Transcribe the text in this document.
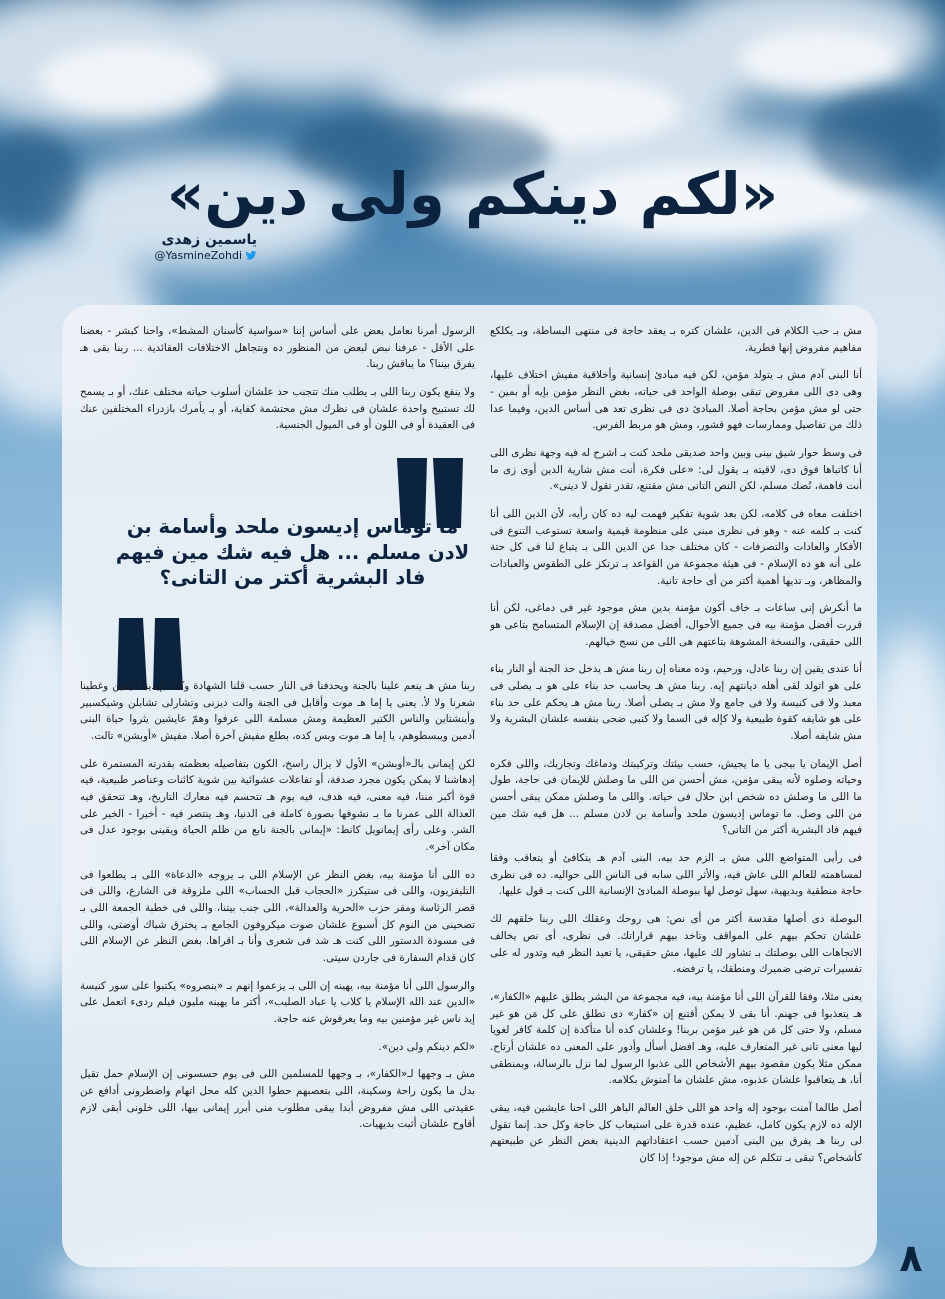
«لكم دينكم ولى دين»
ياسمين زهدى
@YasmineZohdi

مش بـ حب الكلام فى الدين، علشان كتره بـ يعقد حاجة فى منتهى البساطة، وبـ يكلكع مفاهيم مفروض إنها فطرية.

أنا البنى آدم مش بـ يتولد مؤمن، لكن فيه مبادئ إنسانية وأخلاقية مفيش اختلاف عليها، وهى دى اللى مفروض تبقى بوصلة الواحد فى حياته، بغض النظر مؤمن بإيه أو بمين - حتى لو مش مؤمن بحاجة أصلا. المبادئ دى فى نظرى تعد هى أساس الدين، وفيما عدا ذلك من تفاصيل وممارسات فهو قشور، ومش هو مربط الفرس.

فى وسط حوار شيق بينى وبين واحد صديقى ملحد كنت بـ اشرح له فيه وجهة نظرى اللى أنا كاتباها فوق دى، لاقيته بـ يقول لى: «على فكرة، أنت مش شارية الدين أوى زى ما أنت فاهمة، نُصك مسلم، لكن النص التانى مش مقتنع، تقدر تقول لا دينى».

اختلفت معاه فى كلامه، لكن بعد شوية تفكير فهمت ليه ده كان رأيه، لأن الدين اللى أنا كنت بـ كلمه عنه - وهو فى نظرى مبنى على منظومة قيمية واسعة تستوعب التنوع فى الأفكار والعادات والتصرفات - كان مختلف جدا عن الدين اللى بـ يتباع لنا فى كل حتة على أنه هو ده الإسلام - فى هيئة مجموعة من القواعد بـ ترتكز على الطقوس والعبادات والمظاهر، وبـ تديها أهمية أكتر من أى حاجة تانية.

ما أنكرش إنى ساعات بـ خاف أكون مؤمنة بدين مش موجود غير فى دماغى، لكن أنا قررت أفضل مؤمنة بيه فى جميع الأحوال، أفضل مصدقة إن الإسلام المتسامح بتاعى هو اللى حقيقى، والنسخة المشوهة بتاعتهم هى اللى من نسج خيالهم.

أنا عندى يقين إن ربنا عادل، ورحيم، وده معناه إن ربنا مش هـ يدخل حد الجنة أو النار بناء على هو اتولد لقى أهله ديانتهم إيه. ربنا مش هـ يحاسب حد بناء على هو بـ يصلى فى معبد ولا فى كنيسة ولا فى جامع ولا مش بـ يصلى أصلا. ربنا مش هـ يحكم على حد بناء على هو شايفه كقوة طبيعية ولا كإله فى السما ولا كنبى ضحى بنفسه علشان البشرية ولا مش شايفه أصلا.

أصل الإيمان يا بيجى يا ما يجيش، حسب بيئتك وتركيبتك ودماغك وتجاربك، واللى فكره وحياته وصلوه لأنه يبقى مؤمن، مش أحسن من اللى ما وصلش للإيمان فى حاجة، طول ما اللى ما وصلش ده شخص ابن حلال فى حياته. واللى ما وصلش ممكن يبقى أحسن من اللى وصل. ما توماس إديسون ملحد وأسامة بن لادن مسلم ... هل فيه شك مين فيهم فاد البشرية أكتر من التانى؟

فى رأيى المتواضع اللى مش بـ الزم حد بيه، البنى آدم هـ يتكافئ أو يتعاقب وفقا لمساهمته للعالم اللى عاش فيه، والأثر اللى سابه فى الناس اللى حواليه. ده فى نظرى حاجة منطقية وبديهية، سهل توصل لها ببوصلة المبادئ الإنسانية اللى كنت بـ قول عليها.

البوصلة دى أصلها مقدسة أكتر من أى نص: هى روحك وعقلك اللى ربنا خلقهم لك علشان تحكم بيهم على المواقف وتاخد بيهم قراراتك. فى نظرى، أى نص يخالف الاتجاهات اللى بوصلتك بـ تشاور لك عليها، مش حقيقى، يا تعيد النظر فيه وتدور له على تفسيرات ترضى ضميرك ومنطقك، يا ترفضه.

يعنى مثلا، وفقا للقرآن اللى أنا مؤمنة بيه، فيه مجموعة من البشر يطلق عليهم «الكفار»، هـ يتعذبوا فى جهنم. أنا بقى لا يمكن أقتنع إن «كفار» دى تطلق على كل مَن هو غير مسلم، ولا حتى كل مَن هو غير مؤمن بربنا! وعلشان كده أنا متأكدة إن كلمة كافر لغويا ليها معنى تانى غير المتعارف عليه، وهـ افضل أسأل وأدور على المعنى ده علشان أرتاح. ممكن مثلا يكون مقصود بيهم الأشخاص اللى عذبوا الرسول لما نزل بالرسالة، وبمنطقى أنا، هـ يتعاقبوا علشان عذبوه، مش علشان ما آمنوش بكلامه.

أصل طالما آمنت بوجود إله واحد هو اللى خلق العالم الباهر اللى احنا عايشين فيه، يبقى الإله ده لازم يكون كامل، عظيم، عنده قدرة على استيعاب كل حاجة وكل حد. إنما تقول لى ربنا هـ يفرق بين البنى آدمين حسب اعتقاداتهم الدينية بغض النظر عن طبيعتهم كأشخاص؟ تبقى بـ تتكلم عن إله مش موجود! إذا كان

الرسول أمرنا نعامل بعض على أساس إننا «سواسية كأسنان المشط»، واحنا كبشر - بعضنا على الأقل - عرفنا نبص لبعض من المنظور ده ونتجاهل الاختلافات العقائدية ... ربنا بقى هـ يفرق بيننا؟ ما يباقش ربنا.

ولا ينفع يكون ربنا اللى بـ يطلب منك تتجنب حد علشان أسلوب حياته مختلف عنك، أو بـ يسمح لك تستبيح واحدة علشان فى نظرك مش محتشمة كفاية، أو بـ يأمرك بازدراء المختلفين عنك فى العقيدة أو فى اللون أو فى الميول الجنسية.

ما توماس إديسون ملحد وأسامة بن لادن مسلم ... هل فيه شك مين فيهم فاد البشرية أكتر من التانى؟

ربنا مش هـ ينعم علينا بالجنة ويحدفنا فى النار حسب قلنا الشهادة وكلنا بإيدينا اليمين وغطينا شعرنا ولا لأ. يعنى يا إما هـ موت وأقابل فى الجنة والت ديزنى وتشارلى تشابلن وشيكسبير وأينشتاين والناس الكتير العظيمة ومش مسلمة اللى عرفوا وهمّ عايشين يثروا حياة البنى آدمين ويبسطوهم، يا إما هـ موت وبس كده، بطلع مفيش آخرة أصلا. مفيش «أوبشن» تالت.

لكن إيمانى بالـ«أوبشن» الأول لا يزال راسخ، الكون بتفاصيله بعظمته بقدرته المستمرة على إدهاشنا لا يمكن يكون مجرد صدفة، أو تفاعلات عشوائية بين شوية كائنات وعناصر طبيعية، فيه قوة أكبر مننا، فيه معنى، فيه هدف، فيه يوم هـ تتحسم فيه معارك التاريخ، وهـ تتحقق فيه العدالة اللى عمرنا ما بـ نشوفها بصورة كاملة فى الدنيا، وهـ ينتصر فيه - أخيرا - الخير على الشر. وعلى رأى إيمانويل كانط: «إيمانى بالجنة نابع من ظلم الحياة ويقينى بوجود عدل فى مكان آخر».

ده اللى أنا مؤمنة بيه، بغض النظر عن الإسلام اللى بـ يروجه «الدعاة» اللى بـ يطلعوا فى التليفزيون، واللى فى ستيكرز «الحجاب قبل الحساب» اللى ملزوقة فى الشارع، واللى فى قصر الرئاسة ومقر حزب «الحرية والعدالة»، اللى جنب بيتنا، واللى فى خطبة الجمعة اللى بـ تصحينى من النوم كل أسبوع علشان صوت ميكروفون الجامع بـ يخترق شباك أوضتى، واللى فى مسودة الدستور اللى كنت هـ شد فى شعرى وأنا بـ اقراها. بغض النظر عن الإسلام اللى كان قدام السفارة فى جاردن سيتى.

والرسول اللى أنا مؤمنة بيه، يهينه إن اللى بـ يزعموا إنهم بـ «ينصروه» يكتبوا على سور كنيسة «الدين عند الله الإسلام يا كلاب يا عباد الصليب»، أكتر ما يهينه مليون فيلم ردىء اتعمل على إيد ناس غير مؤمنين بيه وما يعرفوش عنه حاجة.

«لكم دينكم ولى دين».

مش بـ وجهها لـ«الكفار»، بـ وجهها للمسلمين اللى فى يوم حسسونى إن الإسلام حمل تقيل بدل ما يكون راحة وسكينة، اللى بتعصبهم حطوا الدين كله محل اتهام واضطرونى أدافع عن عقيدتى اللى مش مفروض أبدا يبقى مطلوب منى أبرر إيمانى بيها، اللى خلونى أبقى لازم أقاوح علشان أثبت بديهيات.

٨
